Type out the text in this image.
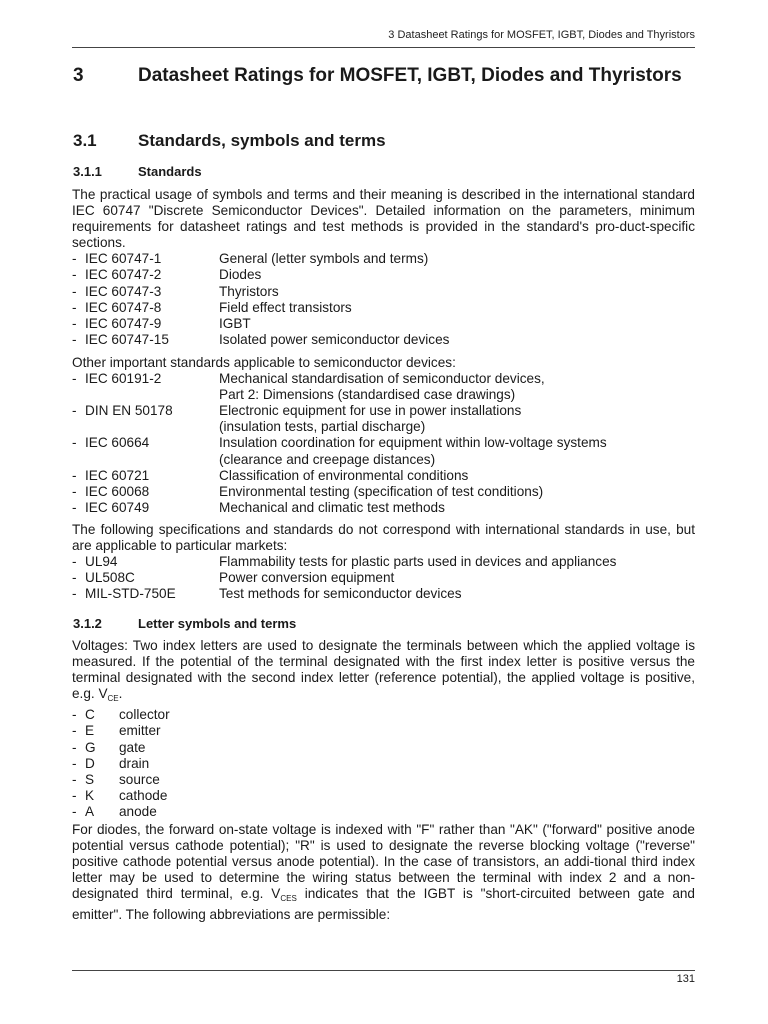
3 Datasheet Ratings for MOSFET, IGBT, Diodes and Thyristors
3	Datasheet Ratings for MOSFET, IGBT, Diodes and Thyristors
3.1 Standards, symbols and terms
3.1.1	Standards

The practical usage of symbols and terms and their meaning is described in the international standard IEC 60747 "Discrete Semiconductor Devices". Detailed information on the parameters, minimum requirements for datasheet ratings and test methods is provided in the standard's pro-duct-specific sections.

- IEC 60747-1	General (letter symbols and terms)
- IEC 60747-2	Diodes
- IEC 60747-3	Thyristors
- IEC 60747-8	Field effect transistors
- IEC 60747-9	IGBT
- IEC 60747-15	Isolated power semiconductor devices

Other important standards applicable to semiconductor devices:

- IEC 60191-2	Mechanical standardisation of semiconductor devices,
Part 2: Dimensions (standardised case drawings)
- DIN EN 50178	Electronic equipment for use in power installations
(insulation tests, partial discharge)
- IEC 60664	Insulation coordination for equipment within low-voltage systems
(clearance and creepage distances)
- IEC 60721	Classification of environmental conditions
- IEC 60068	Environmental testing (specification of test conditions)
- IEC 60749	Mechanical and climatic test methods

The following specifications and standards do not correspond with international standards in use, but are applicable to particular markets:

- UL94	Flammability tests for plastic parts used in devices and appliances
- UL508C	Power conversion equipment
- MIL-STD-750E	Test methods for semiconductor devices
3.1.2	Letter symbols and terms

Voltages: Two index letters are used to designate the terminals between which the applied voltage is measured. If the potential of the terminal designated with the first index letter is positive versus the terminal designated with the second index letter (reference potential), the applied voltage is positive, e.g. $V_{CE}$.

- C	collector
- E	emitter
- G	gate
- D	drain
- S	source
- K	cathode
- A	anode

For diodes, the forward on-state voltage is indexed with "F" rather than "AK" ("forward" positive anode potential versus cathode potential); "R" is used to designate the reverse blocking voltage ("reverse" positive cathode potential versus anode potential). In the case of transistors, an addi-tional third index letter may be used to determine the wiring status between the terminal with index 2 and a non-designated third terminal, e.g. $V_{CES}$ indicates that the IGBT is "short-circuited between gate and emitter". The following abbreviations are permissible:

131
